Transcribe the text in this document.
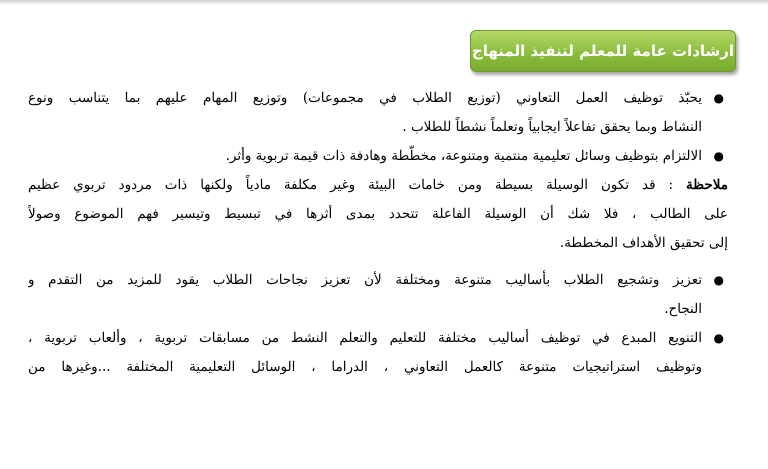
ارشادات عامة للمعلم لتنفيذ المنهاج
●
يحبّذ توظيف العمل التعاوني (توزيع الطلاب في مجموعات) وتوزيع المهام عليهم بما يتناسب ونوع
النشاط وبما يحقق تفاعلاً ايجابياً وتعلماً نشطاً للطلاب .
●
الالتزام بتوظيف وسائل تعليمية منتمية ومتنوعة، مخطّطة وهادفة ذات قيمة تربوية وأثر.
ملاحظة : قد تكون الوسيلة بسيطة ومن خامات البيئة وغير مكلفة مادياً ولكنها ذات مردود تربوي عظيم
على الطالب ، فلا شك أن الوسيلة الفاعلة تتحدد بمدى أثرها في تبسيط وتيسير فهم الموضوع وصولاً
إلى تحقيق الأهداف المخططة.
●
تعزيز وتشجيع الطلاب بأساليب متنوعة ومختلفة لأن تعزيز نجاحات الطلاب يقود للمزيد من التقدم و
النجاح.
●
التنويع المبدع في توظيف أساليب مختلفة للتعليم والتعلم النشط من مسابقات تربوية ، وألعاب تربوية ،
وتوظيف استراتيجيات متنوعة كالعمل التعاوني ، الدراما ، الوسائل التعليمية المختلفة ...وغيرها من
